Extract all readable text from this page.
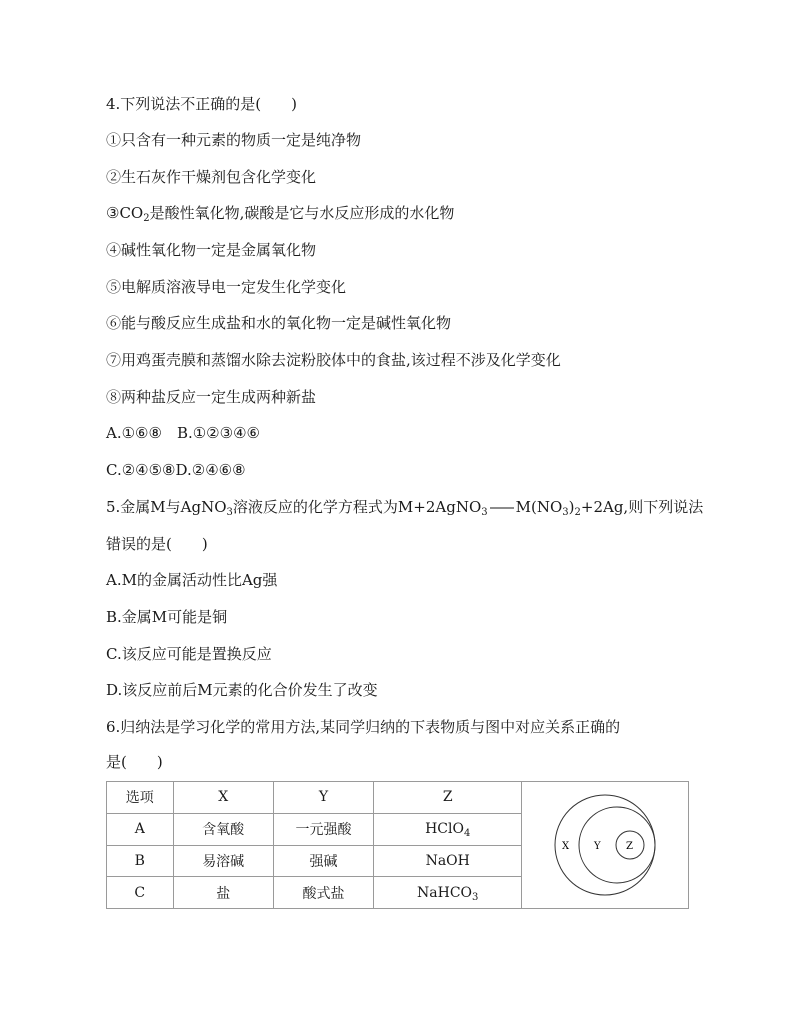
4.下列说法不正确的是(　　)
①只含有一种元素的物质一定是纯净物
②生石灰作干燥剂包含化学变化
$③CO_2$是酸性氧化物,碳酸是它与水反应形成的水化物
④碱性氧化物一定是金属氧化物
⑤电解质溶液导电一定发生化学变化
⑥能与酸反应生成盐和水的氧化物一定是碱性氧化物
⑦用鸡蛋壳膜和蒸馏水除去淀粉胶体中的食盐,该过程不涉及化学变化
⑧两种盐反应一定生成两种新盐
A.①⑥⑧　B.①②③④⑥
C.②④⑤⑧D.②④⑥⑧
5.金属M与AgNO$_3$溶液反应的化学方程式为M+2AgNO$_3$ $M(NO_3)_2+2Ag$,则下列说法
错误的是(　　)
A.M的金属活动性比Ag强
B.金属M可能是铜
C.该反应可能是置换反应
D.该反应前后M元素的化合价发生了改变
6.归纳法是学习化学的常用方法,某同学归纳的下表物质与图中对应关系正确的
是(　　)
选项	X	Y	Z	X Y Z

A	含氧酸	一元强酸	HClO$_4$
B	易溶碱	强碱	NaOH	
C	盐	酸式盐	NaHCO$_3$
